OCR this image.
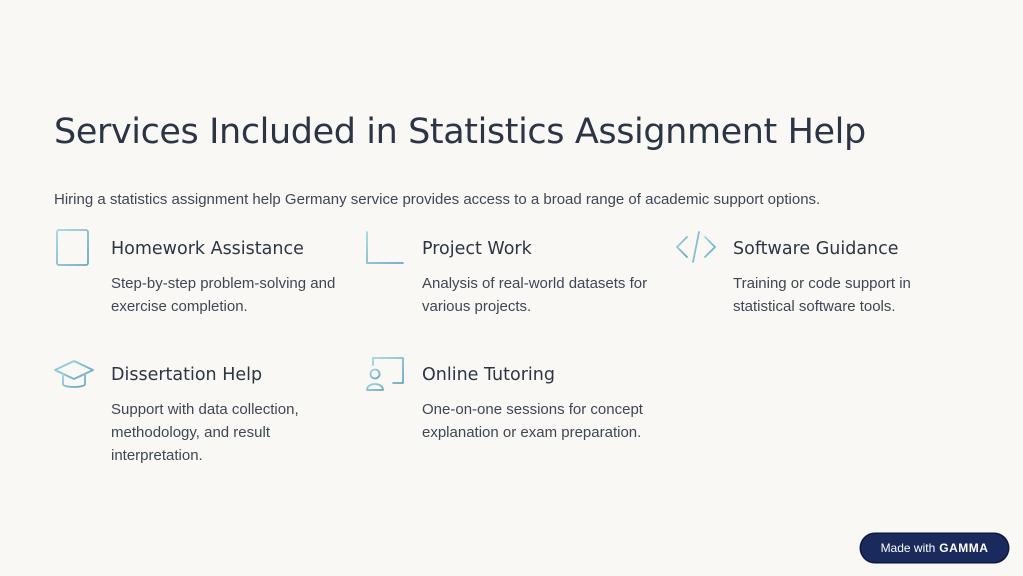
Services Included in Statistics Assignment Help

Hiring a statistics assignment help Germany service provides access to a broad range of academic support options.

Homework Assistance

Step-by-step problem-solving and exercise completion.

Project Work

Analysis of real-world datasets for various projects.

Software Guidance

Training or code support in statistical software tools.

Dissertation Help

Support with data collection, methodology, and result interpretation.

Online Tutoring

One-on-one sessions for concept explanation or exam preparation.

Made with GAMMA
